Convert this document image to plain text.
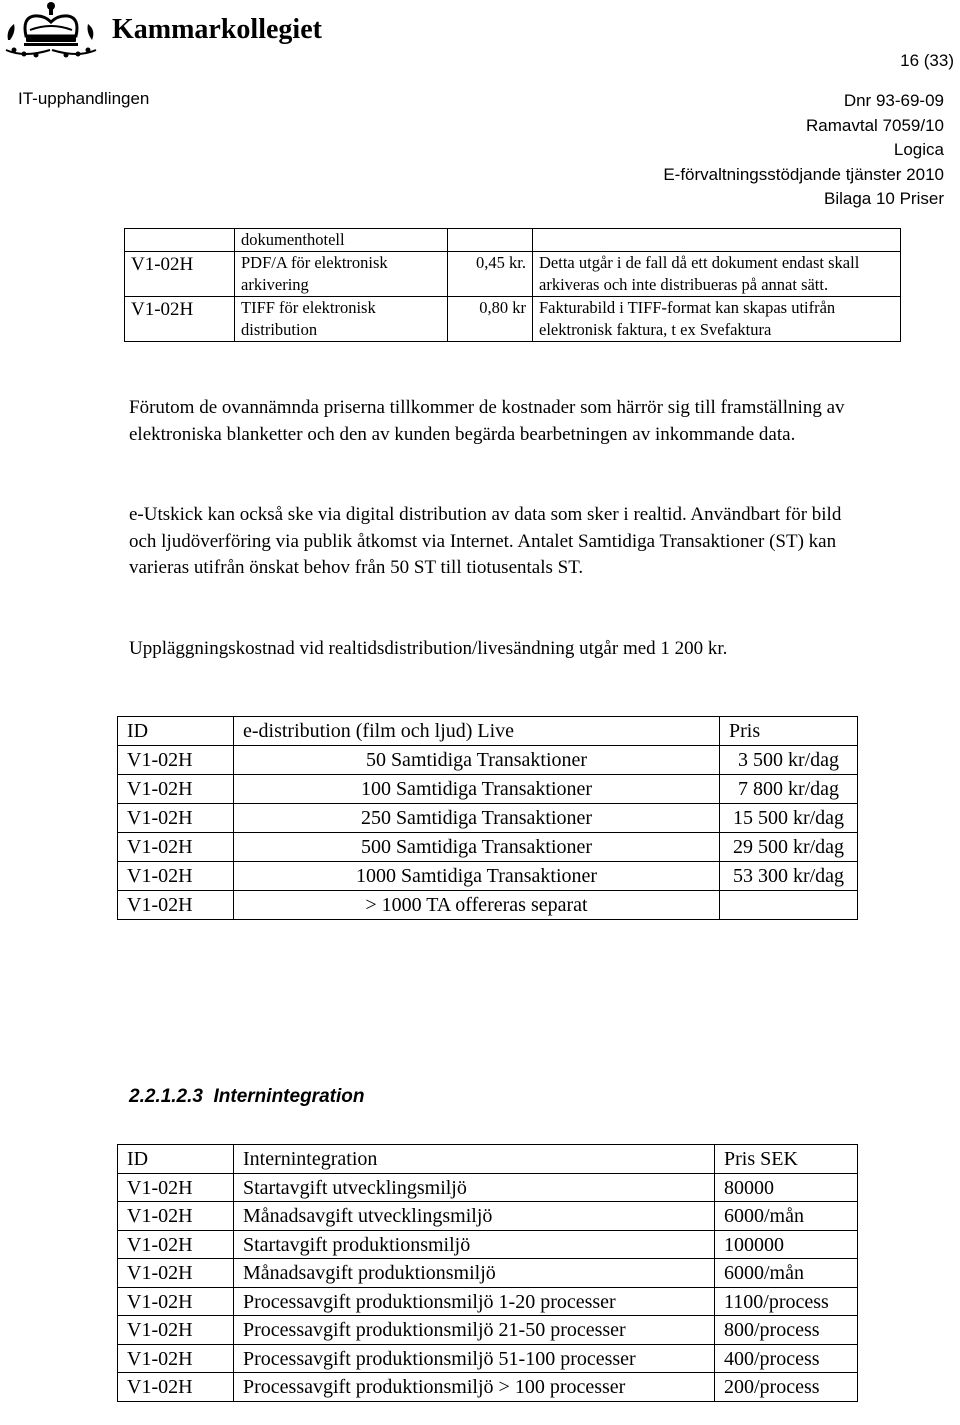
Kammarkollegiet
16 (33)
IT-upphandlingen	Dnr 93-69-09
Ramavtal 7059/10
Logica
E-förvaltningsstödjande tjänster 2010
Bilaga 10 Priser
	dokumenthotell		
V1-02H	PDF/A för elektronisk arkivering	0,45 kr.	Detta utgår i de fall då ett dokument endast skall arkiveras och inte distribueras på annat sätt.
V1-02H	TIFF för elektronisk distribution	0,80 kr	Fakturabild i TIFF-format kan skapas utifrån elektronisk faktura, t ex Svefaktura
Förutom de ovannämnda priserna tillkommer de kostnader som härrör sig till framställning av elektroniska blanketter och den av kunden begärda bearbetningen av inkommande data.
e-Utskick kan också ske via digital distribution av data som sker i realtid. Användbart för bild och ljudöverföring via publik åtkomst via Internet. Antalet Samtidiga Transaktioner (ST) kan varieras utifrån önskat behov från 50 ST till tiotusentals ST.
Uppläggningskostnad vid realtidsdistribution/livesändning utgår med 1 200 kr.
ID	e-distribution (film och ljud) Live	Pris
V1-02H	50 Samtidiga Transaktioner	3 500 kr/dag
V1-02H	100 Samtidiga Transaktioner	7 800 kr/dag
V1-02H	250 Samtidiga Transaktioner	15 500 kr/dag
V1-02H	500 Samtidiga Transaktioner	29 500 kr/dag
V1-02H	1000 Samtidiga Transaktioner	53 300 kr/dag
V1-02H	> 1000 TA offereras separat	
2.2.1.2.3  Internintegration
ID	Internintegration	Pris SEK
V1-02H	Startavgift utvecklingsmiljö	80000
V1-02H	Månadsavgift utvecklingsmiljö	6000/mån
V1-02H	Startavgift produktionsmiljö	100000
V1-02H	Månadsavgift produktionsmiljö	6000/mån
V1-02H	Processavgift produktionsmiljö 1-20 processer	1100/process
V1-02H	Processavgift produktionsmiljö 21-50 processer	800/process
V1-02H	Processavgift produktionsmiljö 51-100 processer	400/process
V1-02H	Processavgift produktionsmiljö > 100 processer	200/process
